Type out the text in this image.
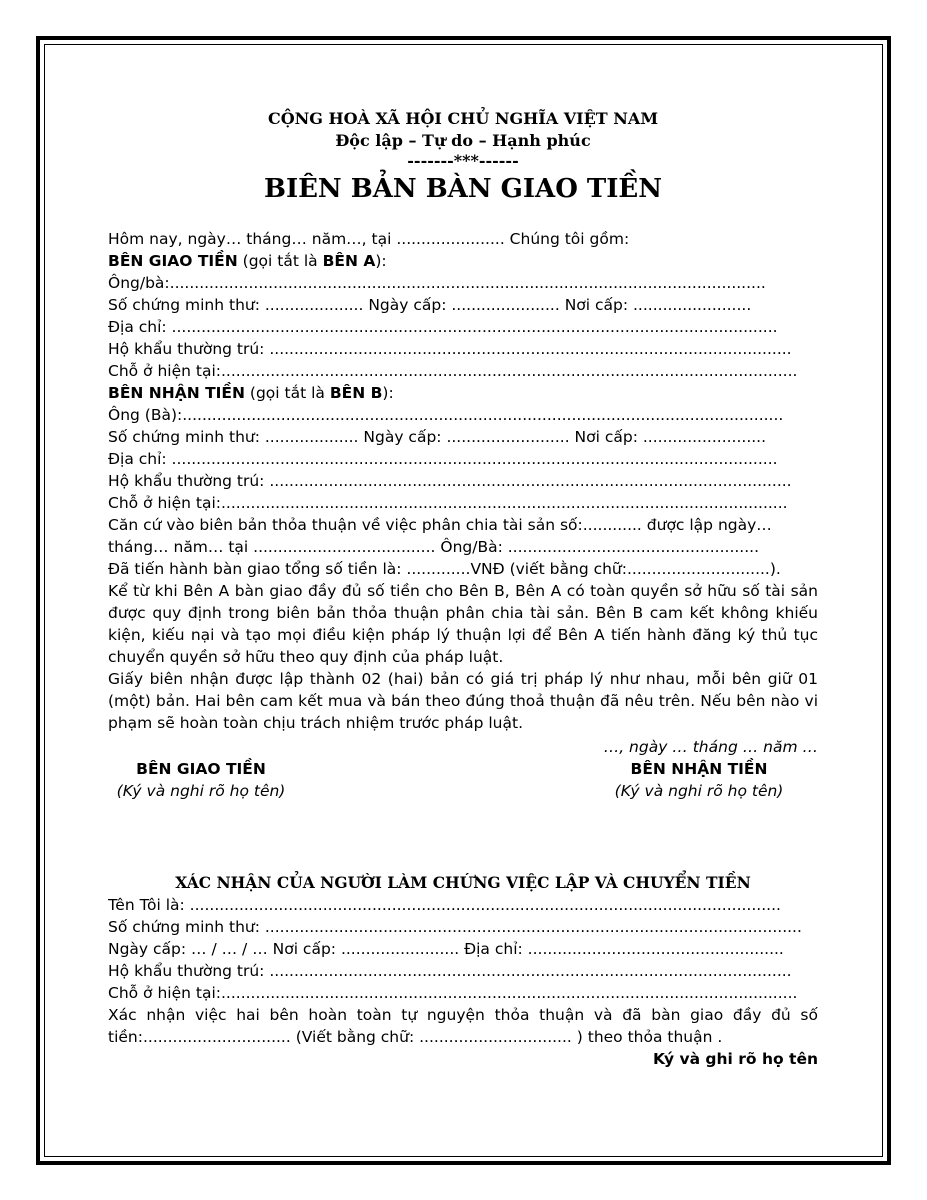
CỘNG HOÀ XÃ HỘI CHỦ NGHĨA VIỆT NAM
Độc lập – Tự do – Hạnh phúc
-------***------
BIÊN BẢN BÀN GIAO TIỀN
Hôm nay, ngày… tháng… năm…, tại ...................... Chúng tôi gồm:
BÊN GIAO TIỀN (gọi tắt là BÊN A):
Ông/bà:.........................................................................................................................
Số chứng minh thư: .................... Ngày cấp: ...................... Nơi cấp: ........................
Địa chỉ: ...........................................................................................................................
Hộ khẩu thường trú: ..........................................................................................................
Chỗ ở hiện tại:.....................................................................................................................
BÊN NHẬN TIỀN (gọi tắt là BÊN B):
Ông (Bà):..........................................................................................................................
Số chứng minh thư: ................... Ngày cấp: ......................... Nơi cấp: .........................
Địa chỉ: ...........................................................................................................................
Hộ khẩu thường trú: ..........................................................................................................
Chỗ ở hiện tại:...................................................................................................................
Căn cứ vào biên bản thỏa thuận về việc phân chia tài sản số:............ được lập ngày…
tháng… năm… tại ..................................... Ông/Bà: ...................................................
Đã tiến hành bàn giao tổng số tiền là: .............VNĐ (viết bằng chữ:.............................).
Kể từ khi Bên A bàn giao đầy đủ số tiền cho Bên B, Bên A có toàn quyền sở hữu số tài sản được quy định trong biên bản thỏa thuận phân chia tài sản. Bên B cam kết không khiếu kiện, kiếu nại và tạo mọi điều kiện pháp lý thuận lợi để Bên A tiến hành đăng ký thủ tục chuyển quyền sở hữu theo quy định của pháp luật.
Giấy biên nhận được lập thành 02 (hai) bản có giá trị pháp lý như nhau, mỗi bên giữ 01 (một) bản. Hai bên cam kết mua và bán theo đúng thoả thuận đã nêu trên. Nếu bên nào vi phạm sẽ hoàn toàn chịu trách nhiệm trước pháp luật.
…, ngày … tháng … năm …
BÊN GIAO TIỀN
(Ký và nghi rõ họ tên)
BÊN NHẬN TIỀN
(Ký và nghi rõ họ tên)
XÁC NHẬN CỦA NGƯỜI LÀM CHỨNG VIỆC LẬP VÀ CHUYỂN TIỀN
Tên Tôi là: ........................................................................................................................
Số chứng minh thư: .............................................................................................................
Ngày cấp: … / … / … Nơi cấp: ........................ Địa chỉ: ....................................................
Hộ khẩu thường trú: ..........................................................................................................
Chỗ ở hiện tại:.....................................................................................................................
Xác nhận việc hai bên hoàn toàn tự nguyện thỏa thuận và đã bàn giao đầy đủ số tiền:.............................. (Viết bằng chữ: ............................... ) theo thỏa thuận .
Ký và ghi rõ họ tên
